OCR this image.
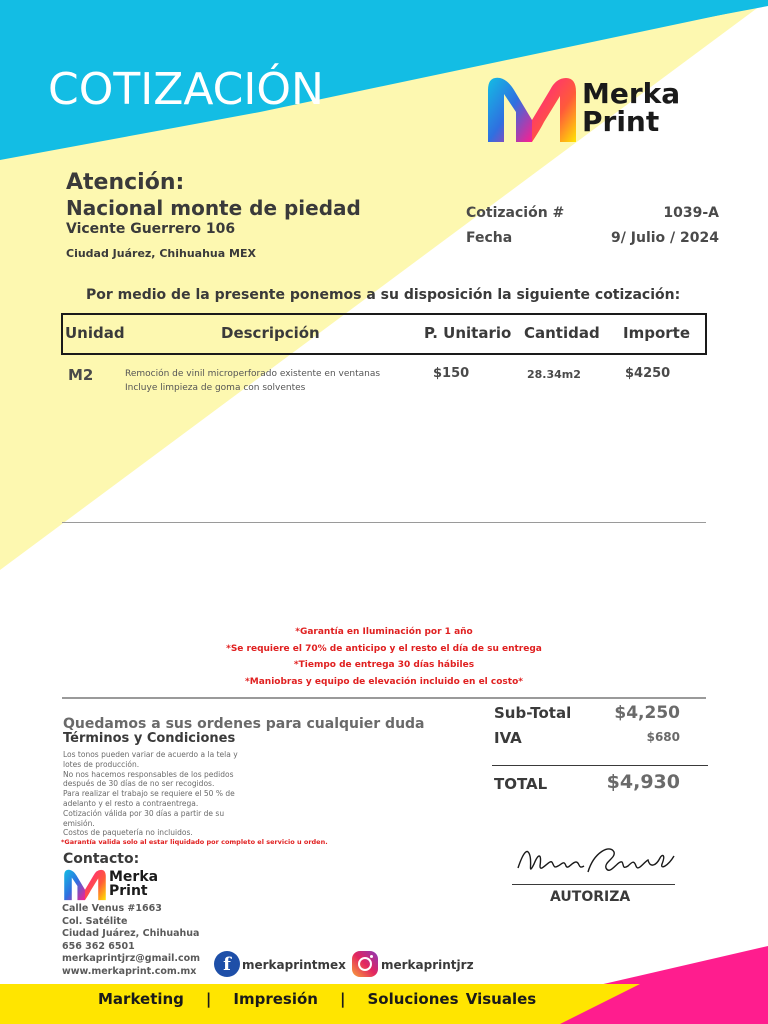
COTIZACIÓN	Merka
Print
Atención:
Nacional monte de piedad
Vicente Guerrero 106
Ciudad Juárez, Chihuahua MEX
Cotización #	1039-A
Fecha	9/ Julio / 2024
Por medio de la presente ponemos a su disposición la siguiente cotización:
Unidad	Descripción	P. Unitario Cantidad Importe
M2	Remoción de vinil microperforado existente en ventanas
Incluye limpieza de goma con solventes
$150	28.34m2	$4250
*Garantía en Iluminación por 1 año
*Se requiere el 70% de anticipo y el resto el día de su entrega
*Tiempo de entrega 30 días hábiles
*Maniobras y equipo de elevación incluido en el costo*
Quedamos a sus ordenes para cualquier duda
Términos y Condiciones
Los tonos pueden variar de acuerdo a la tela y
lotes de producción.
No nos hacemos responsables de los pedidos
después de 30 días de no ser recogidos.
Para realizar el trabajo se requiere el 50 % de
adelanto y el resto a contraentrega.
Cotización válida por 30 días a partir de su
emisión.
Costos de paquetería no incluidos.
*Garantía valida solo al estar liquidado por completo el servicio u orden.
Sub-Total	$4,250
IVA	$680
TOTAL	$4,930
Contacto:
Merka
Print
Calle Venus #1663
Col. Satélite
Ciudad Juárez, Chihuahua
656 362 6501
merkaprintjrz@gmail.com
www.merkaprint.com.mx	f merkaprintmex	merkaprintjrz
AUTORIZA
Marketing | Impresión | Soluciones Visuales
